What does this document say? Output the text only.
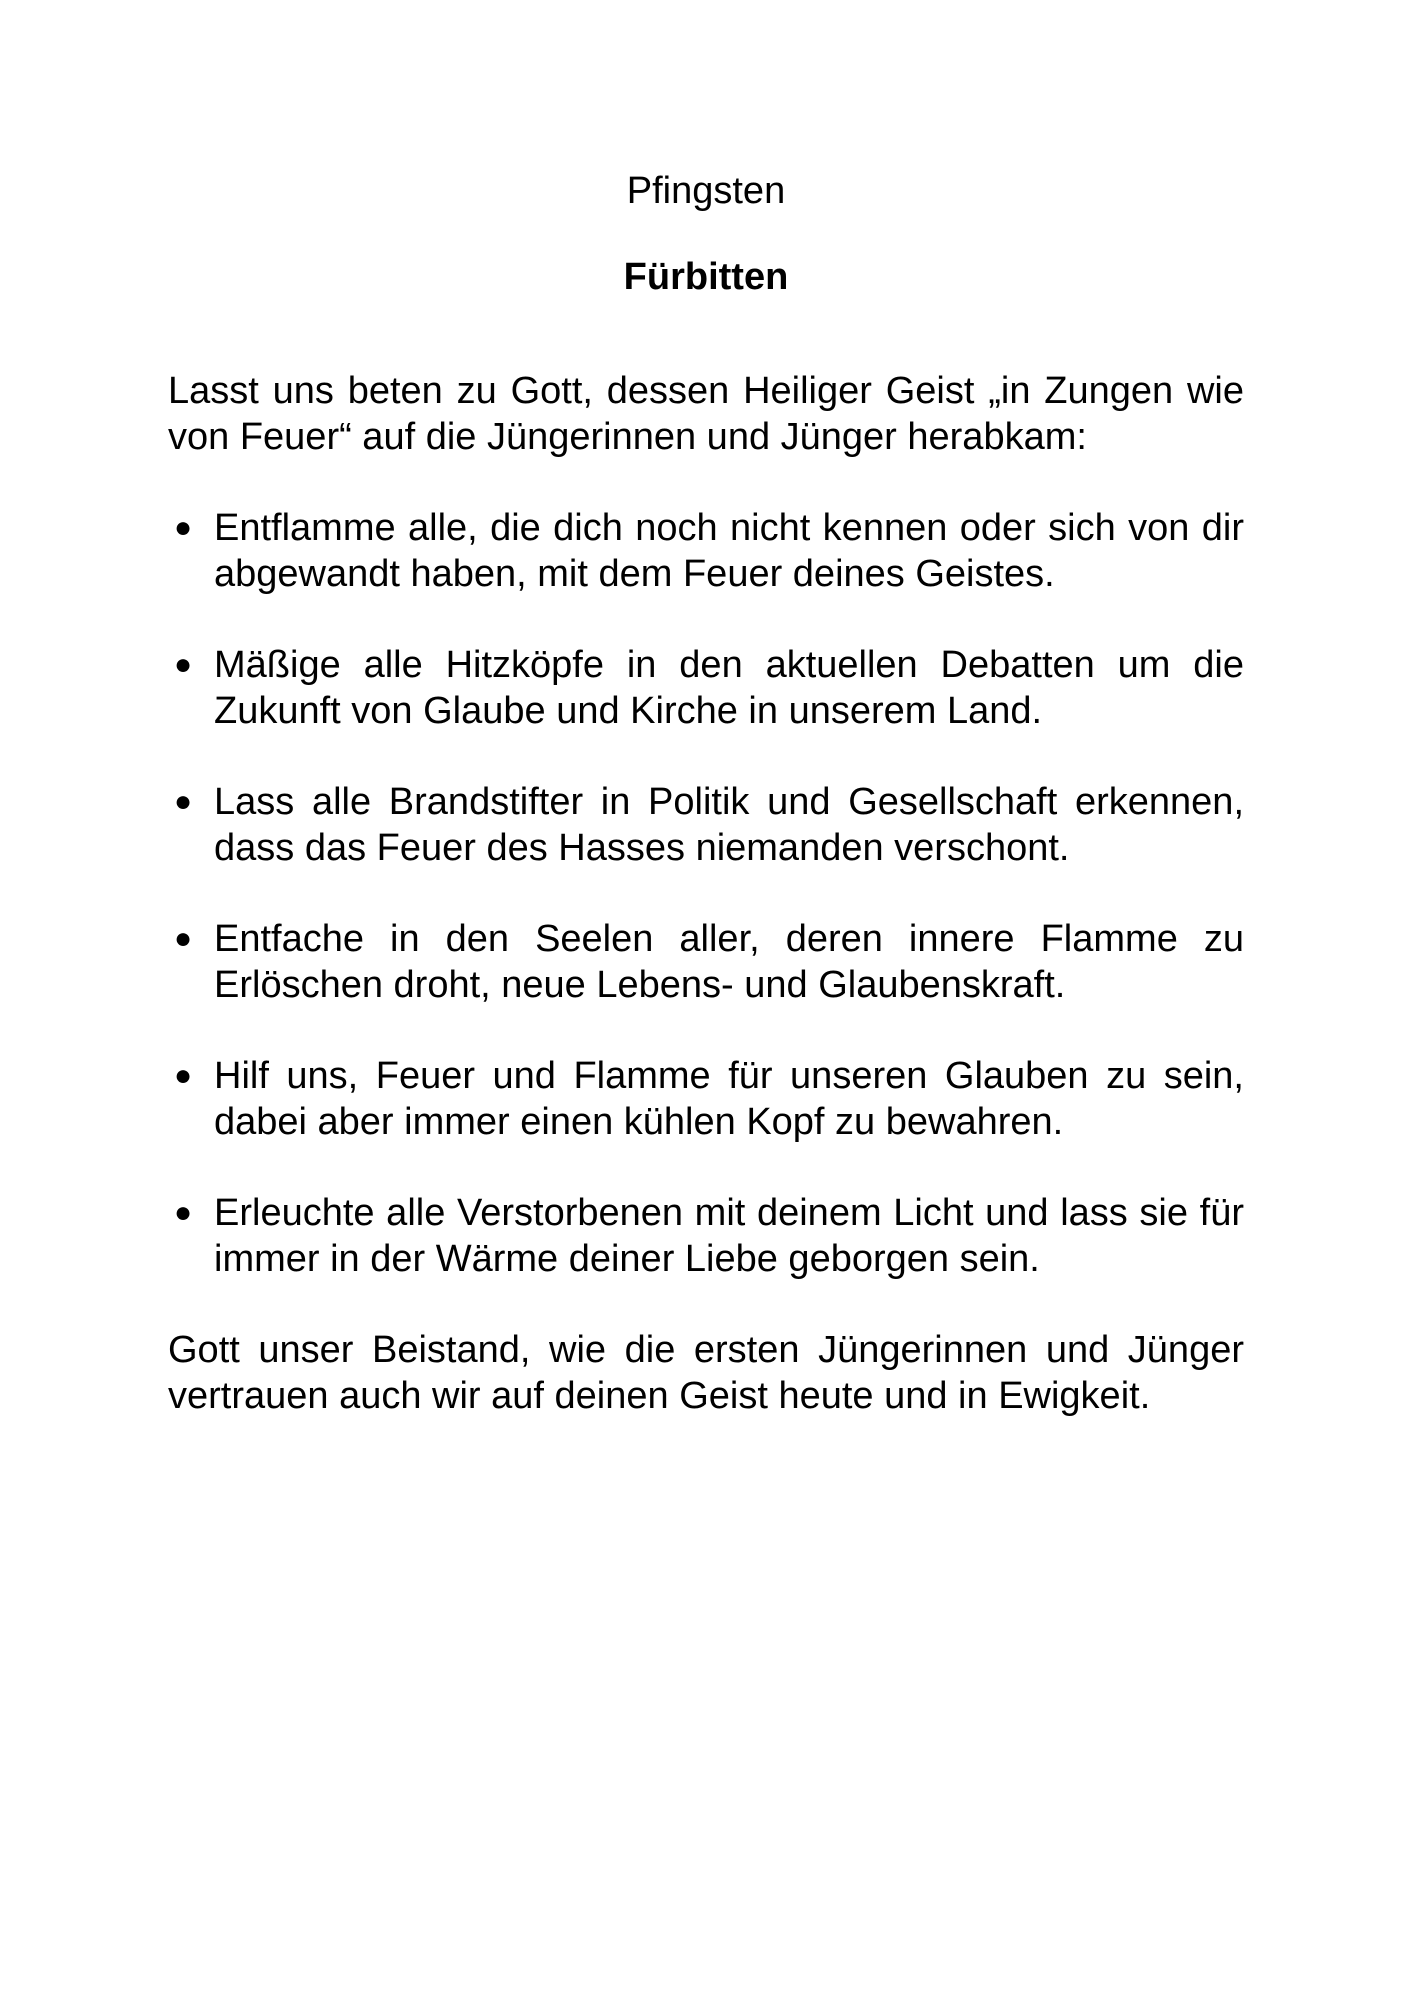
Pfingsten

Fürbitten

Lasst uns beten zu Gott, dessen Heiliger Geist „in Zungen wie von Feuer“ auf die Jüngerinnen und Jünger herabkam:

● Entflamme alle, die dich noch nicht kennen oder sich von dir abgewandt haben, mit dem Feuer deines Geistes.
● Mäßige alle Hitzköpfe in den aktuellen Debatten um die Zukunft von Glaube und Kirche in unserem Land.
● Lass alle Brandstifter in Politik und Gesellschaft erkennen, dass das Feuer des Hasses niemanden verschont.
● Entfache in den Seelen aller, deren innere Flamme zu Erlöschen droht, neue Lebens- und Glaubenskraft.
● Hilf uns, Feuer und Flamme für unseren Glauben zu sein, dabei aber immer einen kühlen Kopf zu bewahren.
● Erleuchte alle Verstorbenen mit deinem Licht und lass sie für immer in der Wärme deiner Liebe geborgen sein.

Gott unser Beistand, wie die ersten Jüngerinnen und Jünger vertrauen auch wir auf deinen Geist heute und in Ewigkeit.
